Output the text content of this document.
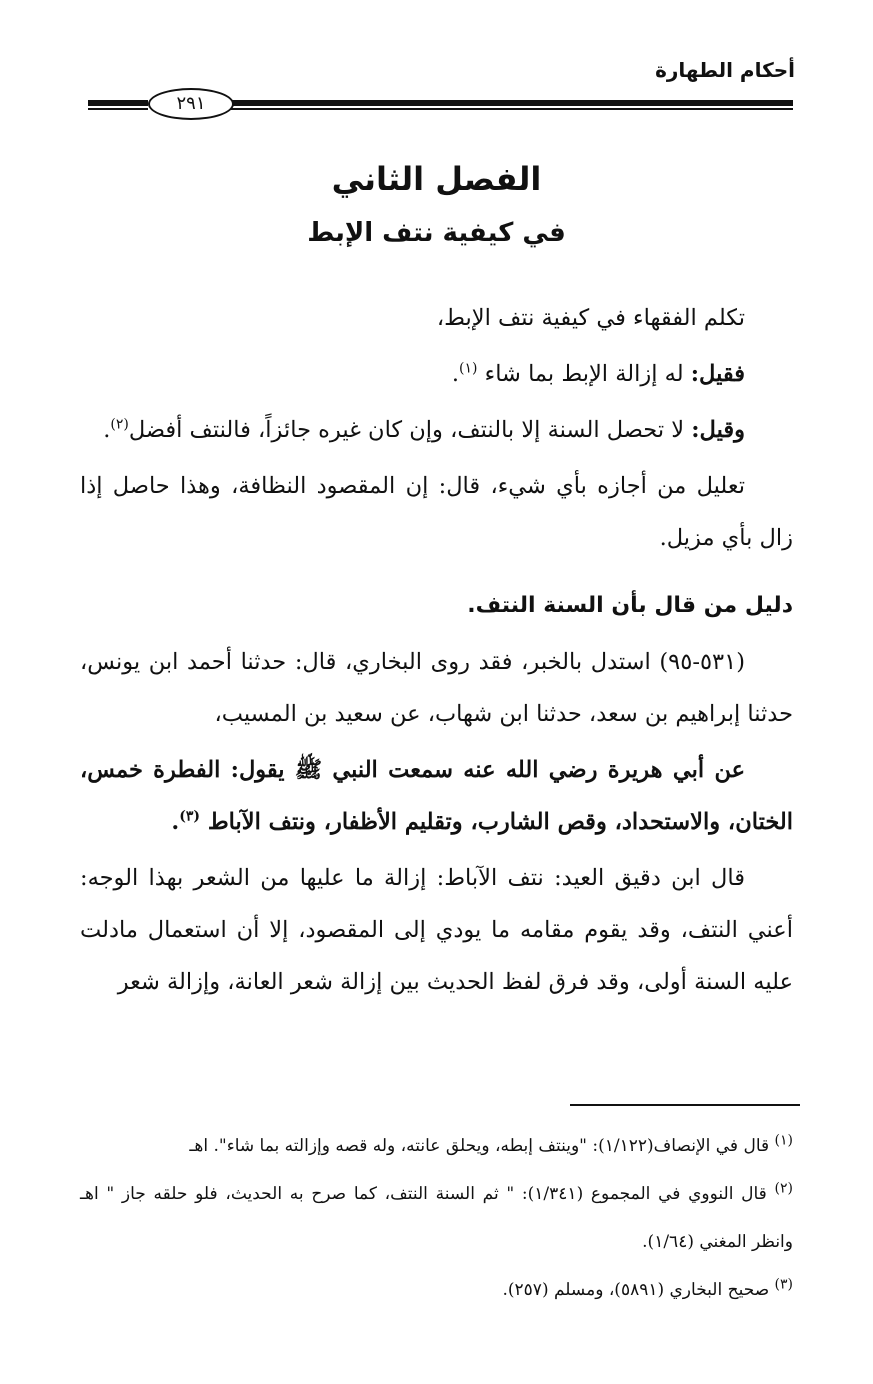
أحكام الطهارة
٢٩١
الفصل الثاني
في كيفية نتف الإبط

تكلم الفقهاء في كيفية نتف الإبط،

فقيل: له إزالة الإبط بما شاء $^{(١)}$.

وقيل: لا تحصل السنة إلا بالنتف، وإن كان غيره جائزاً، فالنتف أفضل$^{(٢)}$.

تعليل من أجازه بأي شيء، قال: إن المقصود النظافة، وهذا حاصل إذا زال بأي مزيل.

دليل من قال بأن السنة النتف.

(٥٣١-٩٥) استدل بالخبر، فقد روى البخاري، قال: حدثنا أحمد ابن يونس، حدثنا إبراهيم بن سعد، حدثنا ابن شهاب، عن سعيد بن المسيب،

عن أبي هريرة رضي الله عنه سمعت النبي ﷺ يقول: الفطرة خمس، الختان، والاستحداد، وقص الشارب، وتقليم الأظفار، ونتف الآباط $^{(٣)}$.

قال ابن دقيق العيد: نتف الآباط: إزالة ما عليها من الشعر بهذا الوجه: أعني النتف، وقد يقوم مقامه ما يودي إلى المقصود، إلا أن استعمال مادلت عليه السنة أولى، وقد فرق لفظ الحديث بين إزالة شعر العانة، وإزالة شعر

$^{(١)}$ قال في الإنصاف(١/١٢٢): "وينتف إبطه، ويحلق عانته، وله قصه وإزالته بما شاء". اهـ

$^{(٢)}$ قال النووي في المجموع (١/٣٤١): " ثم السنة النتف، كما صرح به الحديث، فلو حلقه جاز " اهـ وانظر المغني (١/٦٤).

$^{(٣)}$ صحيح البخاري (٥٨٩١)، ومسلم (٢٥٧).
